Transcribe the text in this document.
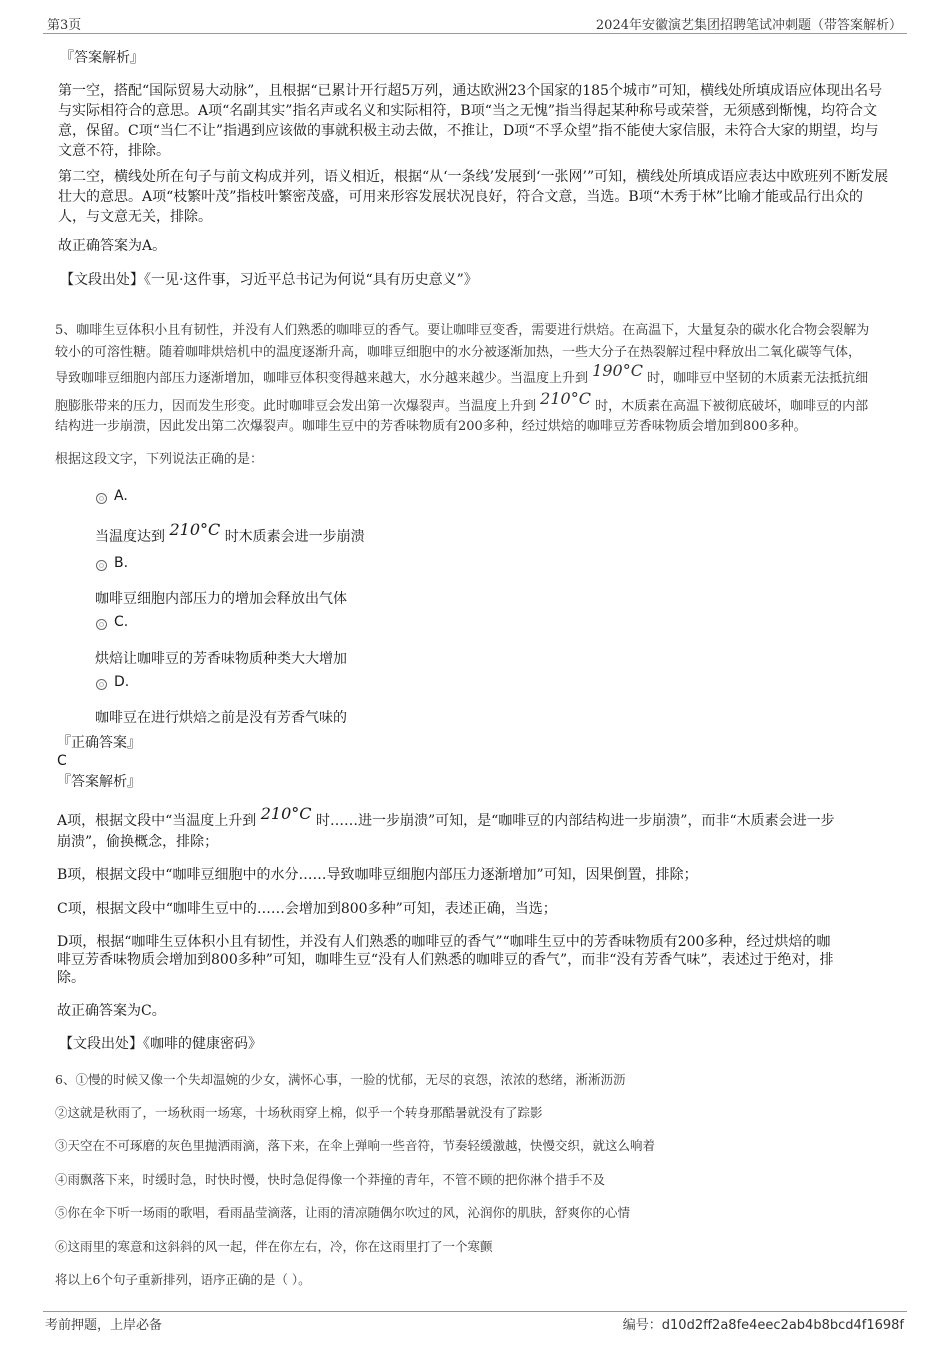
第3页	2024年安徽演艺集团招聘笔试冲刺题（带答案解析）
『答案解析』
第一空，搭配“国际贸易大动脉”，且根据“已累计开行超5万列，通达欧洲23个国家的185个城市”可知，横线处所填成语应体现出名号与实际相符合的意思。A项“名副其实”指名声或名义和实际相符，B项“当之无愧”指当得起某种称号或荣誉，无须感到惭愧，均符合文意，保留。C项“当仁不让”指遇到应该做的事就积极主动去做，不推让，D项“不孚众望”指不能使大家信服，未符合大家的期望，均与文意不符，排除。
第二空，横线处所在句子与前文构成并列，语义相近，根据“从‘一条线’发展到‘一张网’”可知，横线处所填成语应表达中欧班列不断发展壮大的意思。A项“枝繁叶茂”指枝叶繁密茂盛，可用来形容发展状况良好，符合文意，当选。B项“木秀于林”比喻才能或品行出众的人，与文意无关，排除。
故正确答案为A。
【文段出处】《一见·这件事，习近平总书记为何说“具有历史意义”》
5、咖啡生豆体积小且有韧性，并没有人们熟悉的咖啡豆的香气。要让咖啡豆变香，需要进行烘焙。在高温下，大量复杂的碳水化合物会裂解为
较小的可溶性糖。随着咖啡烘焙机中的温度逐渐升高，咖啡豆细胞中的水分被逐渐加热，一些大分子在热裂解过程中释放出二氧化碳等气体，
导致咖啡豆细胞内部压力逐渐增加，咖啡豆体积变得越来越大，水分越来越少。当温度上升到 190°C 时，咖啡豆中坚韧的木质素无法抵抗细
胞膨胀带来的压力，因而发生形变。此时咖啡豆会发出第一次爆裂声。当温度上升到 210°C 时，木质素在高温下被彻底破坏，咖啡豆的内部
结构进一步崩溃，因此发出第二次爆裂声。咖啡生豆中的芳香味物质有200多种，经过烘焙的咖啡豆芳香味物质会增加到800多种。
根据这段文字，下列说法正确的是：
A.
当温度达到 210°C 时木质素会进一步崩溃
B.
咖啡豆细胞内部压力的增加会释放出气体
C.
烘焙让咖啡豆的芳香味物质种类大大增加
D.
咖啡豆在进行烘焙之前是没有芳香气味的
『正确答案』
C
『答案解析』
A项，根据文段中“当温度上升到 210°C 时……进一步崩溃”可知，是“咖啡豆的内部结构进一步崩溃”，而非“木质素会进一步
崩溃”，偷换概念，排除；
B项，根据文段中“咖啡豆细胞中的水分……导致咖啡豆细胞内部压力逐渐增加”可知，因果倒置，排除；
C项，根据文段中“咖啡生豆中的……会增加到800多种”可知，表述正确，当选；
D项，根据“咖啡生豆体积小且有韧性，并没有人们熟悉的咖啡豆的香气”“咖啡生豆中的芳香味物质有200多种，经过烘焙的咖
啡豆芳香味物质会增加到800多种”可知，咖啡生豆“没有人们熟悉的咖啡豆的香气”，而非“没有芳香气味”，表述过于绝对，排
除。
故正确答案为C。
【文段出处】《咖啡的健康密码》
6、①慢的时候又像一个失却温婉的少女，满怀心事，一脸的忧郁，无尽的哀怨，浓浓的愁绪，淅淅沥沥
②这就是秋雨了，一场秋雨一场寒，十场秋雨穿上棉，似乎一个转身那酷暑就没有了踪影
③天空在不可琢磨的灰色里抛洒雨滴，落下来，在伞上弹响一些音符，节奏轻缓激越，快慢交织，就这么响着
④雨飘落下来，时缓时急，时快时慢，快时急促得像一个莽撞的青年，不管不顾的把你淋个措手不及
⑤你在伞下听一场雨的歌唱，看雨晶莹滴落，让雨的清凉随偶尔吹过的风，沁润你的肌肤，舒爽你的心情
⑥这雨里的寒意和这斜斜的风一起，伴在你左右，冷，你在这雨里打了一个寒颤
将以上6个句子重新排列，语序正确的是（ ）。
考前押题，上岸必备	编号：d10d2ff2a8fe4eec2ab4b8bcd4f1698f
